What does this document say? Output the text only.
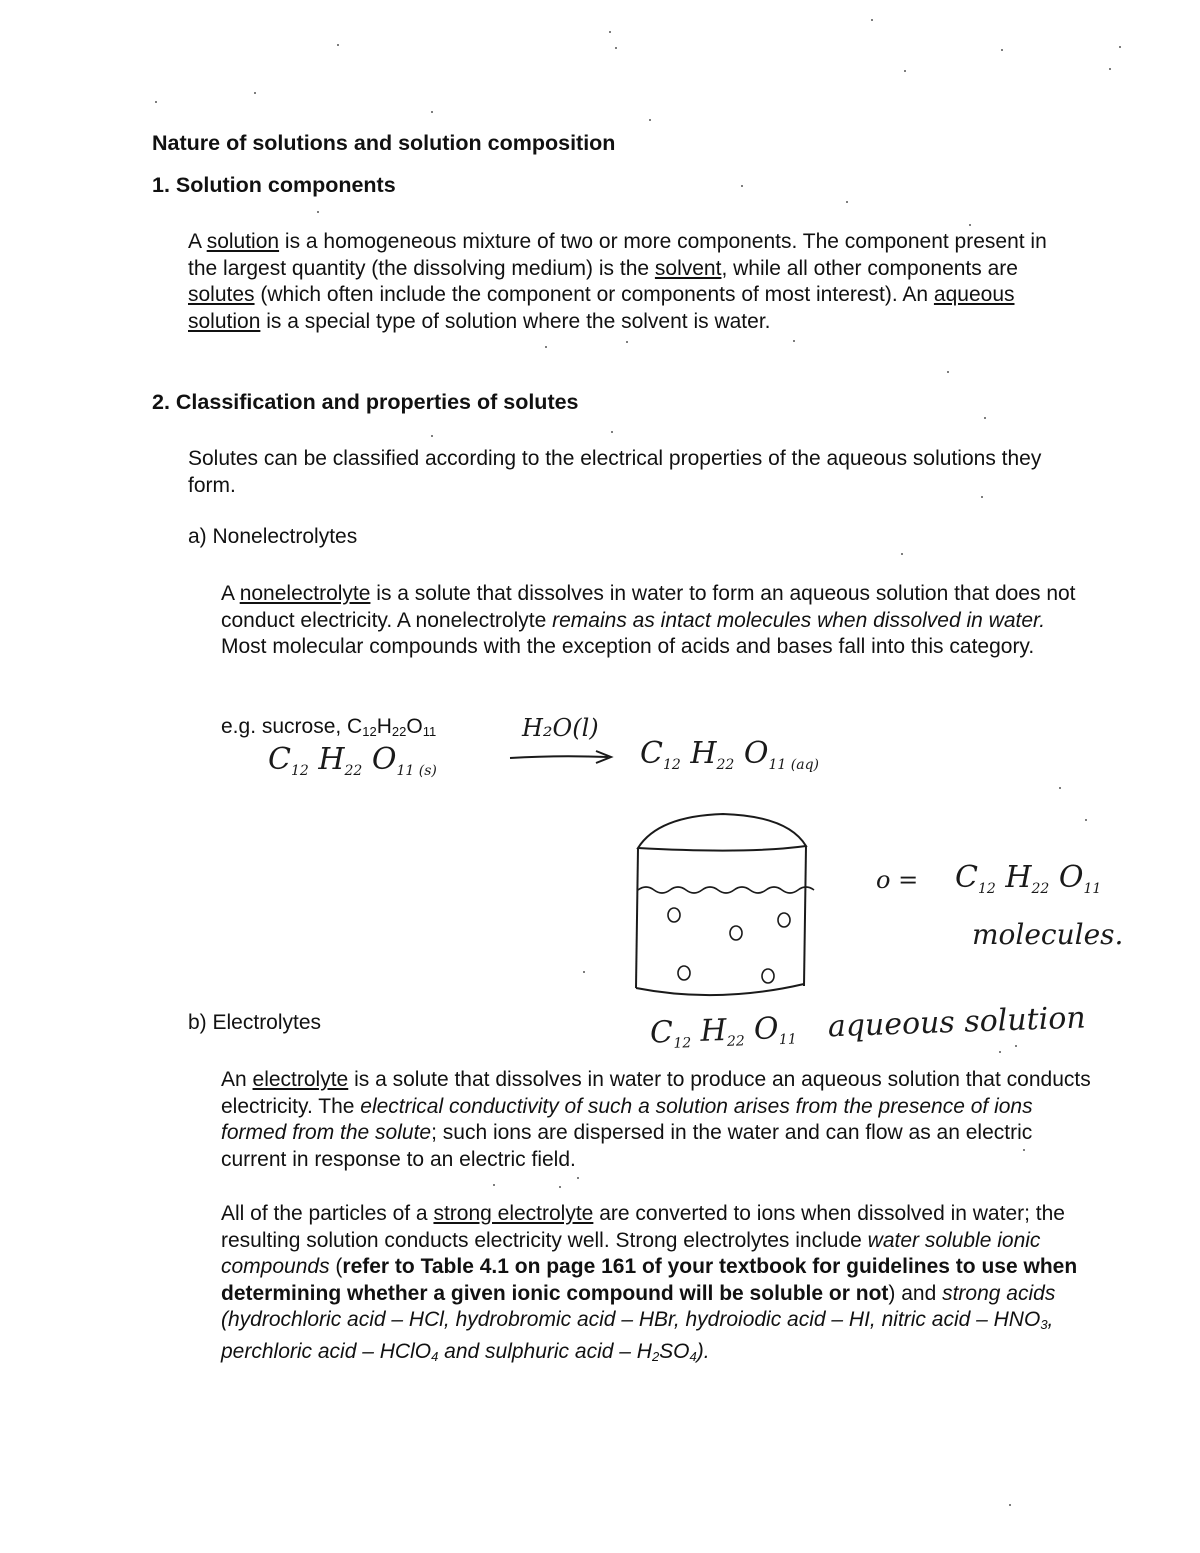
Nature of solutions and solution composition
1. Solution components
A solution is a homogeneous mixture of two or more components. The component present in the largest quantity (the dissolving medium) is the solvent, while all other components are solutes (which often include the component or components of most interest). An aqueous solution is a special type of solution where the solvent is water.
2. Classification and properties of solutes
Solutes can be classified according to the electrical properties of the aqueous solutions they form.
a) Nonelectrolytes
A nonelectrolyte is a solute that dissolves in water to form an aqueous solution that does not conduct electricity. A nonelectrolyte remains as intact molecules when dissolved in water. Most molecular compounds with the exception of acids and bases fall into this category.
e.g. sucrose, $C_{12}H_{22}O_{11}$
$C_{12}$ $H_{22}$ $O_{11 (s)}$
H₂O(l)
$C_{12}$ $H_{22}$ $O_{11 (aq)}$
$o = C_{12}$ $H_{22}$ $O_{11}$
molecules.
$C_{12}$ $H_{22}$ $O_{11}$ aqueous solution
b) Electrolytes
An electrolyte is a solute that dissolves in water to produce an aqueous solution that conducts electricity. The electrical conductivity of such a solution arises from the presence of ions formed from the solute; such ions are dispersed in the water and can flow as an electric current in response to an electric field.
All of the particles of a strong electrolyte are converted to ions when dissolved in water; the resulting solution conducts electricity well. Strong electrolytes include water soluble ionic compounds (refer to Table 4.1 on page 161 of your textbook for guidelines to use when determining whether a given ionic compound will be soluble or not) and strong acids (hydrochloric acid – HCl, hydrobromic acid – HBr, hydroiodic acid – HI, nitric acid – $HNO_3$, perchloric acid – HClO$_4$ and sulphuric acid – $H_2SO_4$).
